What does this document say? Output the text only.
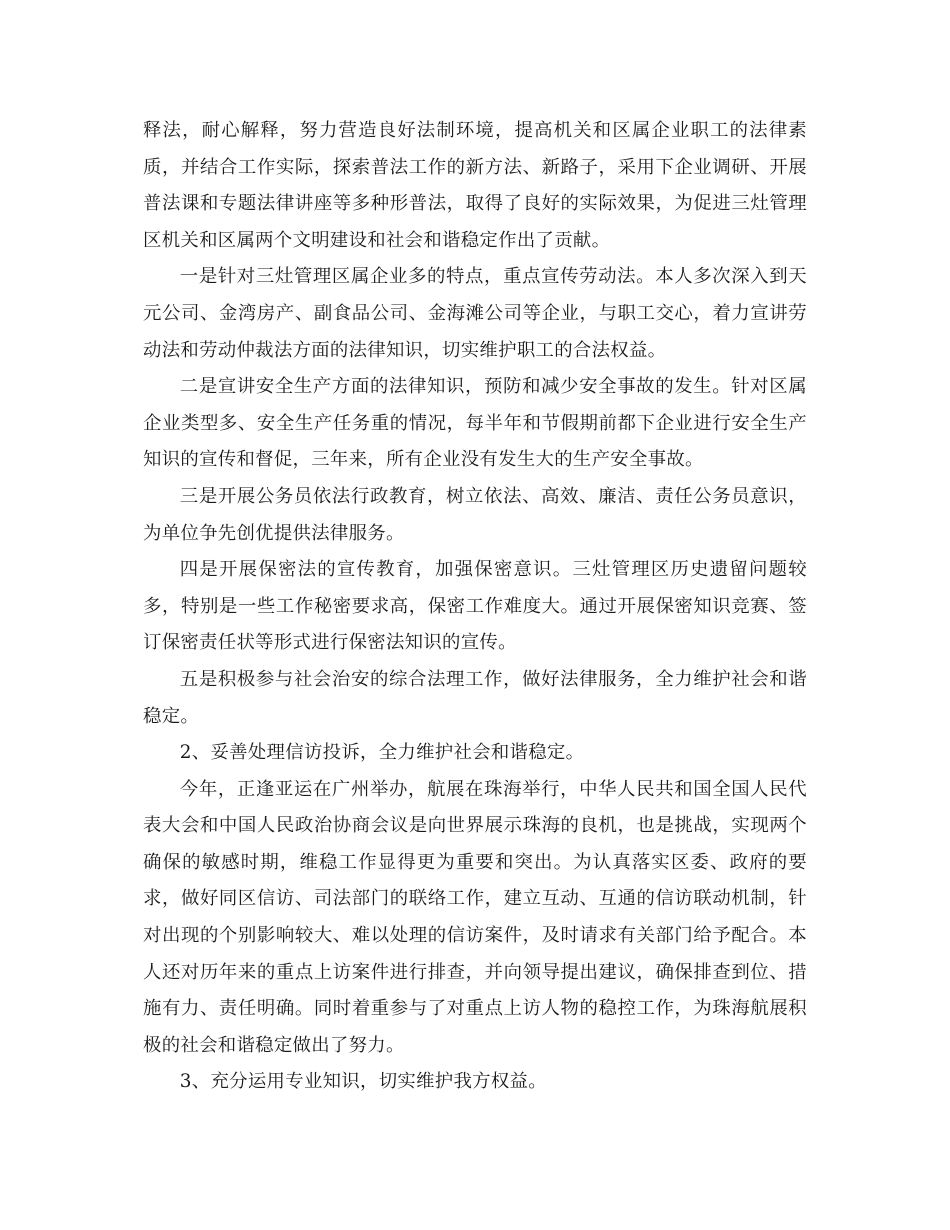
释法，耐心解释，努力营造良好法制环境，提高机关和区属企业职工的法律素质，并结合工作实际，探索普法工作的新方法、新路子，采用下企业调研、开展普法课和专题法律讲座等多种形普法，取得了良好的实际效果，为促进三灶管理区机关和区属两个文明建设和社会和谐稳定作出了贡献。

一是针对三灶管理区属企业多的特点，重点宣传劳动法。本人多次深入到天元公司、金湾房产、副食品公司、金海滩公司等企业，与职工交心，着力宣讲劳动法和劳动仲裁法方面的法律知识，切实维护职工的合法权益。

二是宣讲安全生产方面的法律知识，预防和减少安全事故的发生。针对区属企业类型多、安全生产任务重的情况，每半年和节假期前都下企业进行安全生产知识的宣传和督促，三年来，所有企业没有发生大的生产安全事故。

三是开展公务员依法行政教育，树立依法、高效、廉洁、责任公务员意识，为单位争先创优提供法律服务。

四是开展保密法的宣传教育，加强保密意识。三灶管理区历史遗留问题较多，特别是一些工作秘密要求高，保密工作难度大。通过开展保密知识竞赛、签订保密责任状等形式进行保密法知识的宣传。

五是积极参与社会治安的综合法理工作，做好法律服务，全力维护社会和谐稳定。

2、妥善处理信访投诉，全力维护社会和谐稳定。

今年，正逢亚运在广州举办，航展在珠海举行，中华人民共和国全国人民代表大会和中国人民政治协商会议是向世界展示珠海的良机，也是挑战，实现两个确保的敏感时期，维稳工作显得更为重要和突出。为认真落实区委、政府的要求，做好同区信访、司法部门的联络工作，建立互动、互通的信访联动机制，针对出现的个别影响较大、难以处理的信访案件，及时请求有关部门给予配合。本人还对历年来的重点上访案件进行排查，并向领导提出建议，确保排查到位、措施有力、责任明确。同时着重参与了对重点上访人物的稳控工作，为珠海航展积极的社会和谐稳定做出了努力。

3、充分运用专业知识，切实维护我方权益。
